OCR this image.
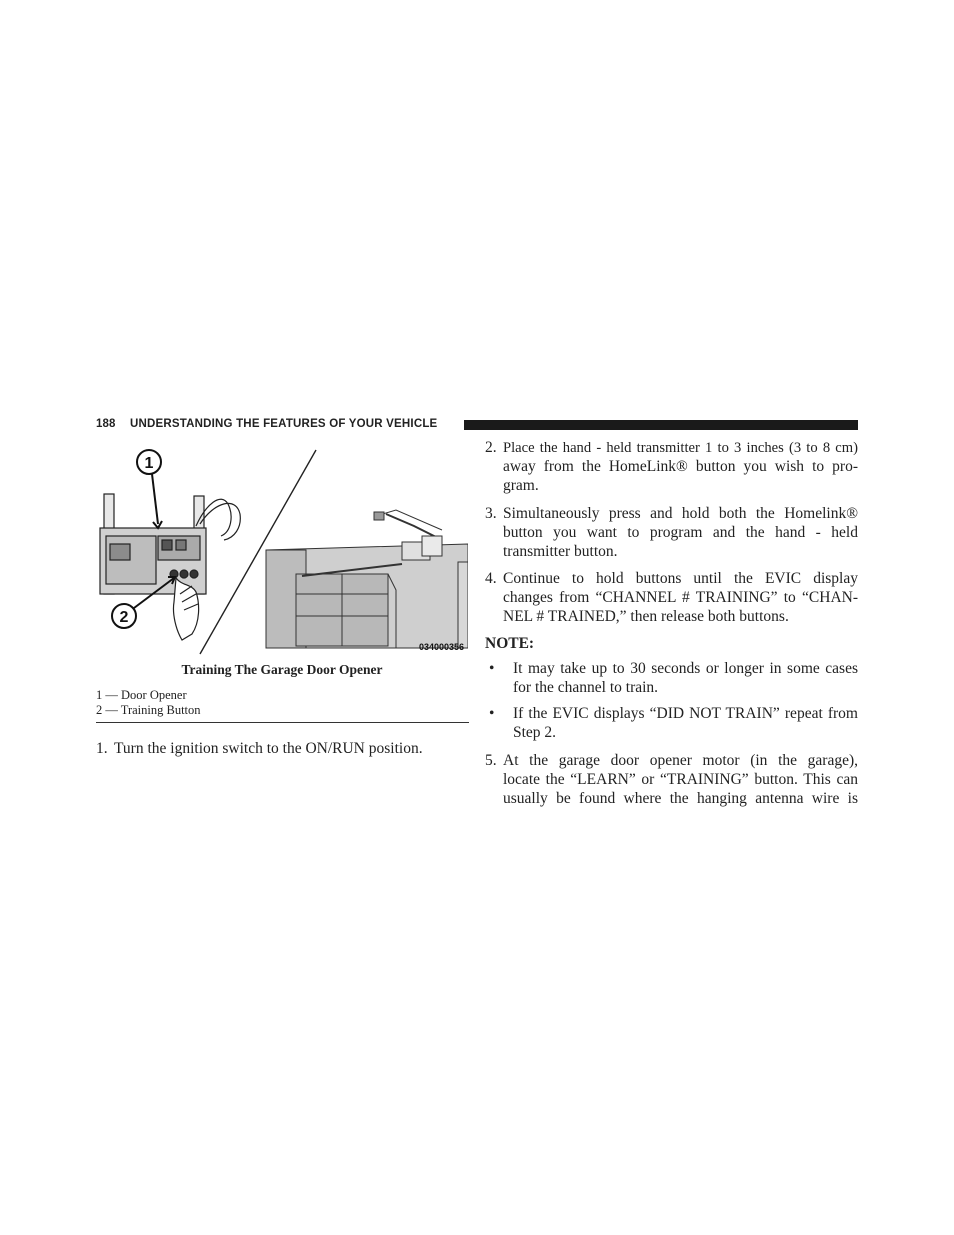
188 UNDERSTANDING THE FEATURES OF YOUR VEHICLE
1
2
034000356
Training The Garage Door Opener
1 — Door Opener
2 — Training Button
1. Turn the ignition switch to the ON/RUN position.
2. Place the hand - held transmitter 1 to 3 inches (3 to 8 cm)
away from the HomeLink® button you wish to pro-
gram.
3. Simultaneously press and hold both the Homelink®
button you want to program and the hand - held
transmitter button.
4. Continue to hold buttons until the EVIC display
changes from “CHANNEL # TRAINING” to “CHAN-
NEL # TRAINED,” then release both buttons.
NOTE:
• It may take up to 30 seconds or longer in some cases
for the channel to train.
• If the EVIC displays “DID NOT TRAIN” repeat from
Step 2.
5. At the garage door opener motor (in the garage),
locate the “LEARN” or “TRAINING” button. This can
usually be found where the hanging antenna wire is
